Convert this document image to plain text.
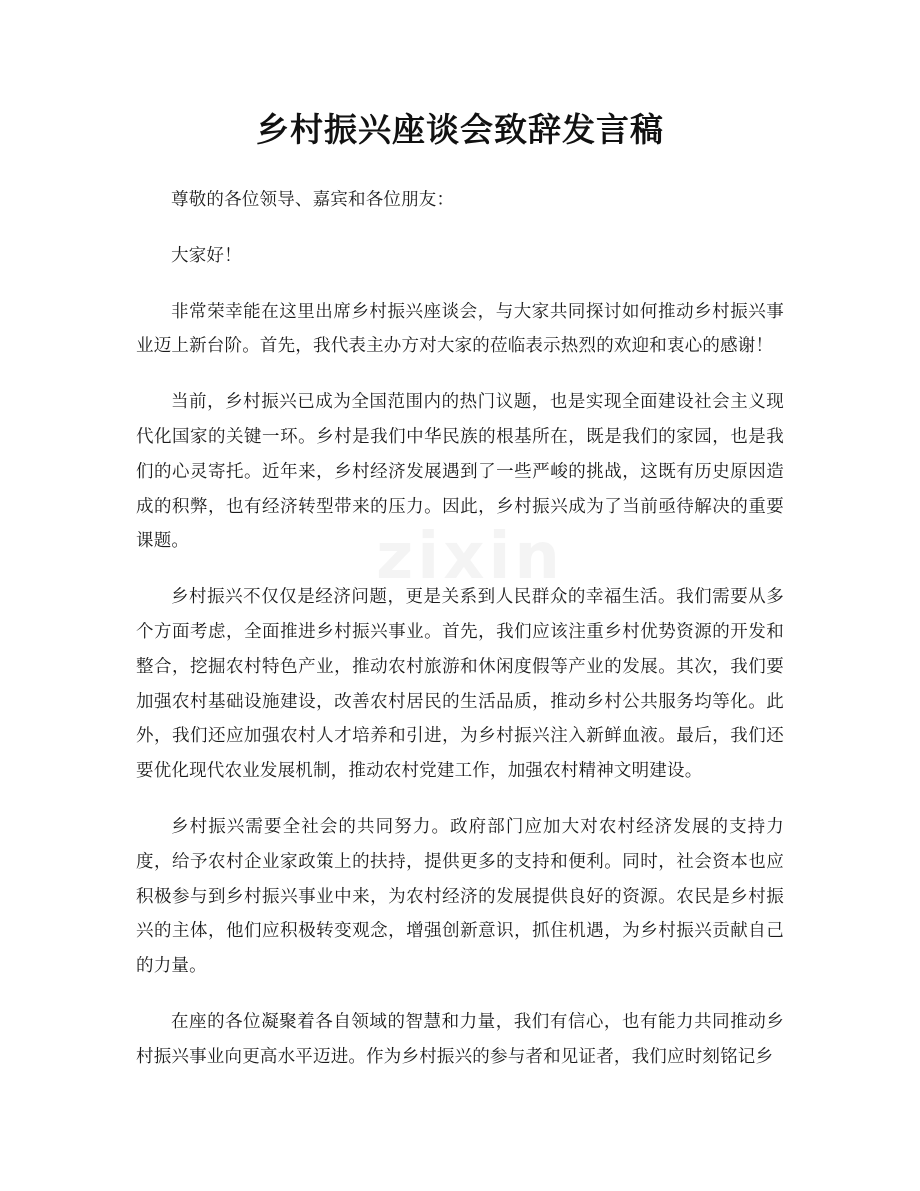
乡村振兴座谈会致辞发言稿

尊敬的各位领导、嘉宾和各位朋友：

大家好！

非常荣幸能在这里出席乡村振兴座谈会，与大家共同探讨如何推动乡村振兴事业迈上新台阶。首先，我代表主办方对大家的莅临表示热烈的欢迎和衷心的感谢！

当前，乡村振兴已成为全国范围内的热门议题，也是实现全面建设社会主义现代化国家的关键一环。乡村是我们中华民族的根基所在，既是我们的家园，也是我们的心灵寄托。近年来，乡村经济发展遇到了一些严峻的挑战，这既有历史原因造成的积弊，也有经济转型带来的压力。因此，乡村振兴成为了当前亟待解决的重要课题。

乡村振兴不仅仅是经济问题，更是关系到人民群众的幸福生活。我们需要从多个方面考虑，全面推进乡村振兴事业。首先，我们应该注重乡村优势资源的开发和整合，挖掘农村特色产业，推动农村旅游和休闲度假等产业的发展。其次，我们要加强农村基础设施建设，改善农村居民的生活品质，推动乡村公共服务均等化。此外，我们还应加强农村人才培养和引进，为乡村振兴注入新鲜血液。最后，我们还要优化现代农业发展机制，推动农村党建工作，加强农村精神文明建设。

乡村振兴需要全社会的共同努力。政府部门应加大对农村经济发展的支持力度，给予农村企业家政策上的扶持，提供更多的支持和便利。同时，社会资本也应积极参与到乡村振兴事业中来，为农村经济的发展提供良好的资源。农民是乡村振兴的主体，他们应积极转变观念，增强创新意识，抓住机遇，为乡村振兴贡献自己的力量。

在座的各位凝聚着各自领域的智慧和力量，我们有信心，也有能力共同推动乡村振兴事业向更高水平迈进。作为乡村振兴的参与者和见证者，我们应时刻铭记乡
